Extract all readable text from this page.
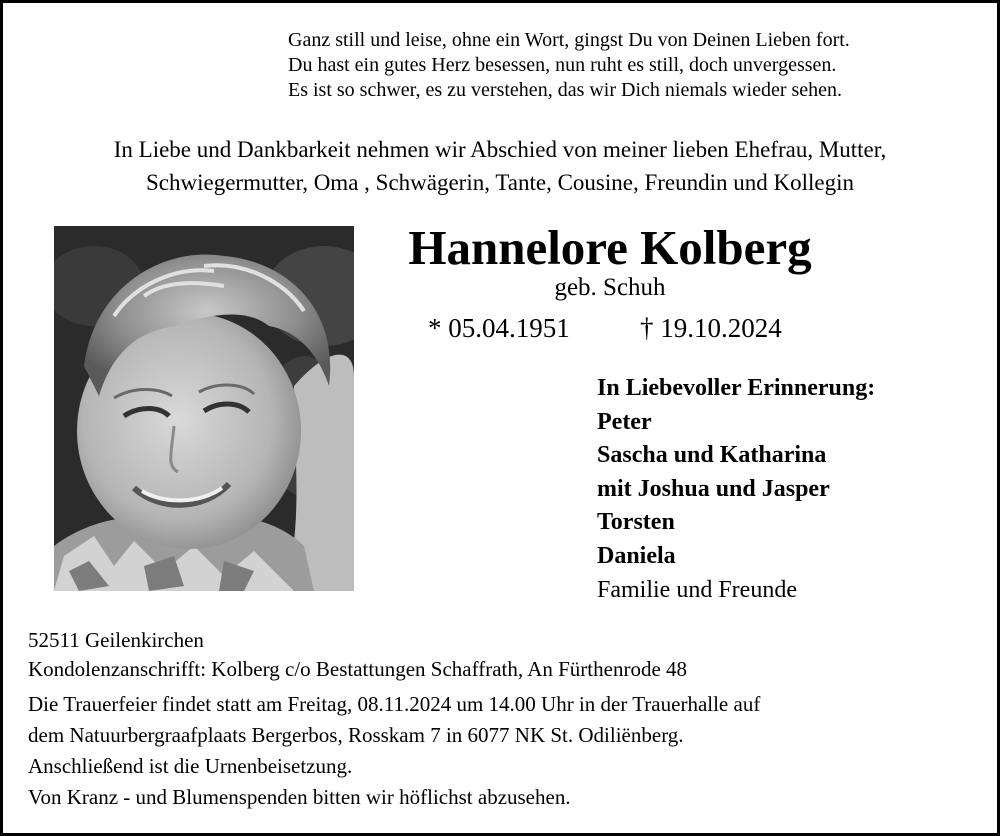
Ganz still und leise, ohne ein Wort, gingst Du von Deinen Lieben fort.
Du hast ein gutes Herz besessen, nun ruht es still, doch unvergessen.
Es ist so schwer, es zu verstehen, das wir Dich niemals wieder sehen.
In Liebe und Dankbarkeit nehmen wir Abschied von meiner lieben Ehefrau, Mutter,
Schwiegermutter, Oma , Schwägerin, Tante, Cousine, Freundin und Kollegin
Hannelore Kolberg
geb. Schuh
* 05.04.1951	† 19.10.2024
In Liebevoller Erinnerung:
Peter
Sascha und Katharina
mit Joshua und Jasper
Torsten
Daniela
Familie und Freunde
52511 Geilenkirchen
Kondolenzanschrifft: Kolberg c/o Bestattungen Schaffrath, An Fürthenrode 48
Die Trauerfeier findet statt am Freitag, 08.11.2024 um 14.00 Uhr in der Trauerhalle auf
dem Natuurbergraafplaats Bergerbos, Rosskam 7 in 6077 NK St. Odiliënberg.
Anschließend ist die Urnenbeisetzung.
Von Kranz - und Blumenspenden bitten wir höflichst abzusehen.
